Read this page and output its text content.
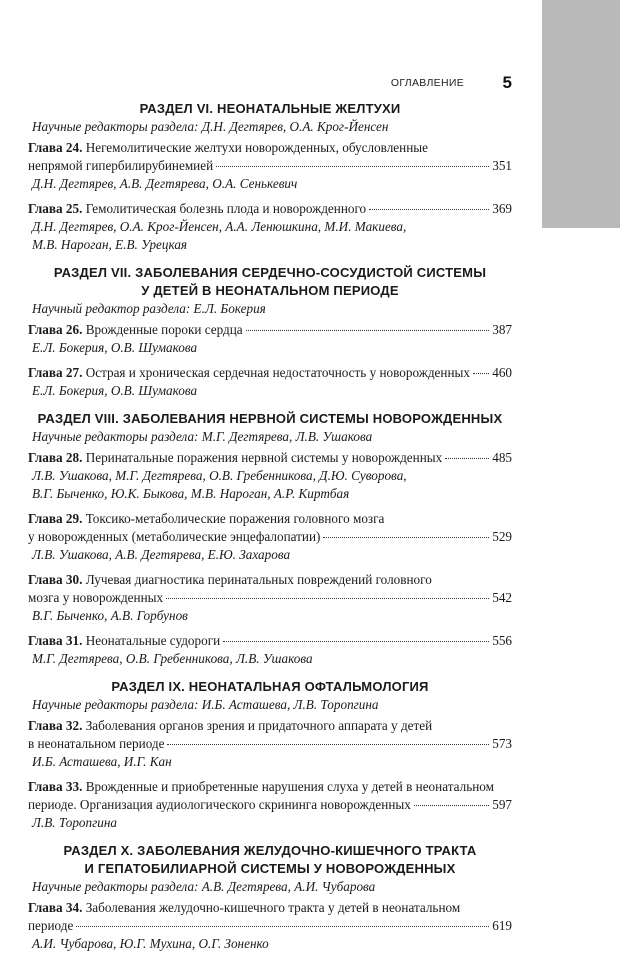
ОГЛАВЛЕНИЕ 5
РАЗДЕЛ VI. НЕОНАТАЛЬНЫЕ ЖЕЛТУХИ
Научные редакторы раздела: Д.Н. Дегтярев, О.А. Крог-Йенсен
Глава 24. Негемолитические желтухи новорожденных, обусловленные
непрямой гипербилирубинемией	351
Д.Н. Дегтярев, А.В. Дегтярева, О.А. Сенькевич
Глава 25. Гемолитическая болезнь плода и новорожденного	369
Д.Н. Дегтярев, О.А. Крог-Йенсен, А.А. Ленюшкина, М.И. Макиева,
М.В. Нароган, Е.В. Урецкая
РАЗДЕЛ VII. ЗАБОЛЕВАНИЯ СЕРДЕЧНО-СОСУДИСТОЙ СИСТЕМЫ
У ДЕТЕЙ В НЕОНАТАЛЬНОМ ПЕРИОДЕ
Научный редактор раздела: Е.Л. Бокерия
Глава 26. Врожденные пороки сердца	387
Е.Л. Бокерия, О.В. Шумакова
Глава 27. Острая и хроническая сердечная недостаточность у новорожденных 460
Е.Л. Бокерия, О.В. Шумакова
РАЗДЕЛ VIII. ЗАБОЛЕВАНИЯ НЕРВНОЙ СИСТЕМЫ НОВОРОЖДЕННЫХ
Научные редакторы раздела: М.Г. Дегтярева, Л.В. Ушакова
Глава 28. Перинатальные поражения нервной системы у новорожденных	485
Л.В. Ушакова, М.Г. Дегтярева, О.В. Гребенникова, Д.Ю. Суворова,
В.Г. Быченко, Ю.К. Быкова, М.В. Нароган, А.Р. Киртбая
Глава 29. Токсико-метаболические поражения головного мозга
у новорожденных (метаболические энцефалопатии)	529
Л.В. Ушакова, А.В. Дегтярева, Е.Ю. Захарова
Глава 30. Лучевая диагностика перинатальных повреждений головного
мозга у новорожденных	542
В.Г. Быченко, А.В. Горбунов
Глава 31. Неонатальные судороги	556
М.Г. Дегтярева, О.В. Гребенникова, Л.В. Ушакова
РАЗДЕЛ IX. НЕОНАТАЛЬНАЯ ОФТАЛЬМОЛОГИЯ
Научные редакторы раздела: И.Б. Асташева, Л.В. Торопгина
Глава 32. Заболевания органов зрения и придаточного аппарата у детей
в неонатальном периоде	573
И.Б. Асташева, И.Г. Кан
Глава 33. Врожденные и приобретенные нарушения слуха у детей в неонатальном
периоде. Организация аудиологического скрининга новорожденных	597
Л.В. Торопгина
РАЗДЕЛ X. ЗАБОЛЕВАНИЯ ЖЕЛУДОЧНО-КИШЕЧНОГО ТРАКТА
И ГЕПАТОБИЛИАРНОЙ СИСТЕМЫ У НОВОРОЖДЕННЫХ
Научные редакторы раздела: А.В. Дегтярева, А.И. Чубарова
Глава 34. Заболевания желудочно-кишечного тракта у детей в неонатальном
периоде	619
А.И. Чубарова, Ю.Г. Мухина, О.Г. Зоненко
